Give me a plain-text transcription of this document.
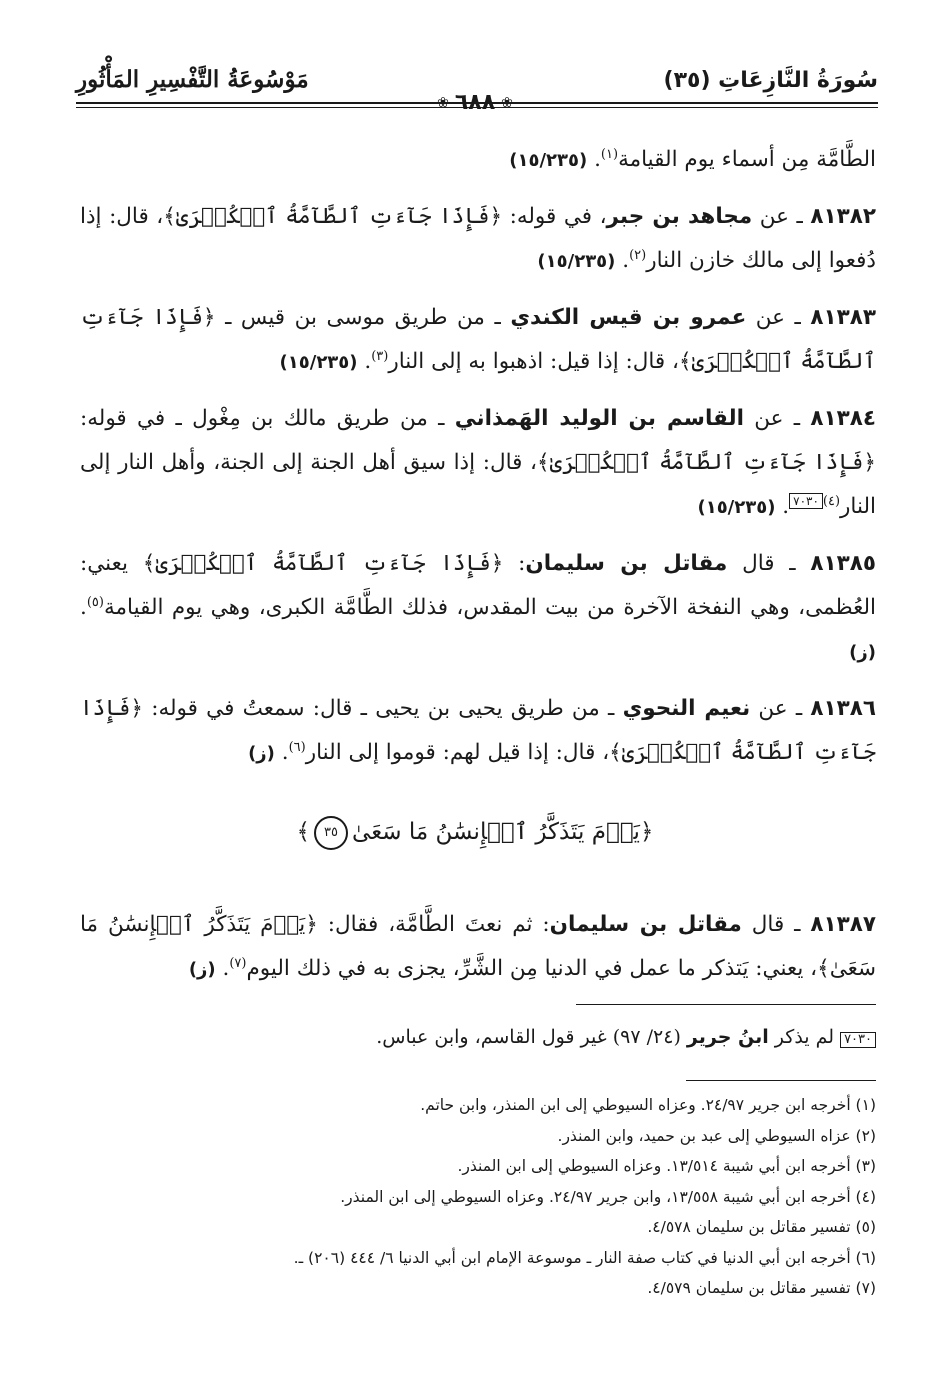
سُورَةُ النَّازِعَاتِ (٣٥)
مَوْسُوعَةُ التَّفْسِيرِ المَأْثُورِ
❀٦٨٨❀

الطَّامَّة مِن أسماء يوم القيامة$^{(١)}$. (١٥/٢٣٥)

٨١٣٨٢ ـ عن مجاهد بن جبر، في قوله: ﴿فَإِذَا جَآءَتِ ٱلطَّآمَّةُ ٱلۡكُبۡرَىٰ﴾، قال: إذا دُفعوا إلى مالك خازن النار$^{(٢)}$. (١٥/٢٣٥)

٨١٣٨٣ ـ عن عمرو بن قيس الكندي ـ من طريق موسى بن قيس ـ ﴿فَإِذَا جَآءَتِ ٱلطَّآمَّةُ ٱلۡكُبۡرَىٰ﴾، قال: إذا قيل: اذهبوا به إلى النار$^{(٣)}$. (١٥/٢٣٥)

٨١٣٨٤ ـ عن القاسم بن الوليد الهَمذاني ـ من طريق مالك بن مِغْول ـ في قوله: ﴿فَإِذَا جَآءَتِ ٱلطَّآمَّةُ ٱلۡكُبۡرَىٰ﴾، قال: إذا سيق أهل الجنة إلى الجنة، وأهل النار إلى النار$^{(٤)}$٧٠٣٠. (١٥/٢٣٥)

٨١٣٨٥ ـ قال مقاتل بن سليمان: ﴿فَإِذَا جَآءَتِ ٱلطَّآمَّةُ ٱلۡكُبۡرَىٰ﴾ يعني: العُظمى، وهي النفخة الآخرة من بيت المقدس، فذلك الطَّامَّة الكبرى، وهي يوم القيامة$^{(٥)}$. (ز)

٨١٣٨٦ ـ عن نعيم النحوي ـ من طريق يحيى بن يحيى ـ قال: سمعتُ في قوله: ﴿فَإِذَا جَآءَتِ ٱلطَّآمَّةُ ٱلۡكُبۡرَىٰ﴾، قال: إذا قيل لهم: قوموا إلى النار$^{(٦)}$. (ز)

﴿يَوۡمَ يَتَذَكَّرُ ٱلۡإِنسَٰنُ مَا سَعَىٰ٣٥﴾

٨١٣٨٧ ـ قال مقاتل بن سليمان: ثم نعتَ الطَّامَّة، فقال: ﴿يَوۡمَ يَتَذَكَّرُ ٱلۡإِنسَٰنُ مَا سَعَىٰ﴾، يعني: يَتذكر ما عمل في الدنيا مِن الشَّرِّ، يجزى به في ذلك اليوم$^{(٧)}$. (ز)

٧٠٣٠لم يذكر ابنُ جرير (٢٤/ ٩٧) غير قول القاسم، وابن عباس.
(١) أخرجه ابن جرير ٢٤/٩٧. وعزاه السيوطي إلى ابن المنذر، وابن حاتم.
(٢) عزاه السيوطي إلى عبد بن حميد، وابن المنذر.
(٣) أخرجه ابن أبي شيبة ١٣/٥١٤. وعزاه السيوطي إلى ابن المنذر.
(٤) أخرجه ابن أبي شيبة ١٣/٥٥٨، وابن جرير ٢٤/٩٧. وعزاه السيوطي إلى ابن المنذر.
(٥) تفسير مقاتل بن سليمان ٤/٥٧٨.
(٦) أخرجه ابن أبي الدنيا في كتاب صفة النار ـ موسوعة الإمام ابن أبي الدنيا ٦/ ٤٤٤ (٢٠٦) ـ.
(٧) تفسير مقاتل بن سليمان ٤/٥٧٩.
